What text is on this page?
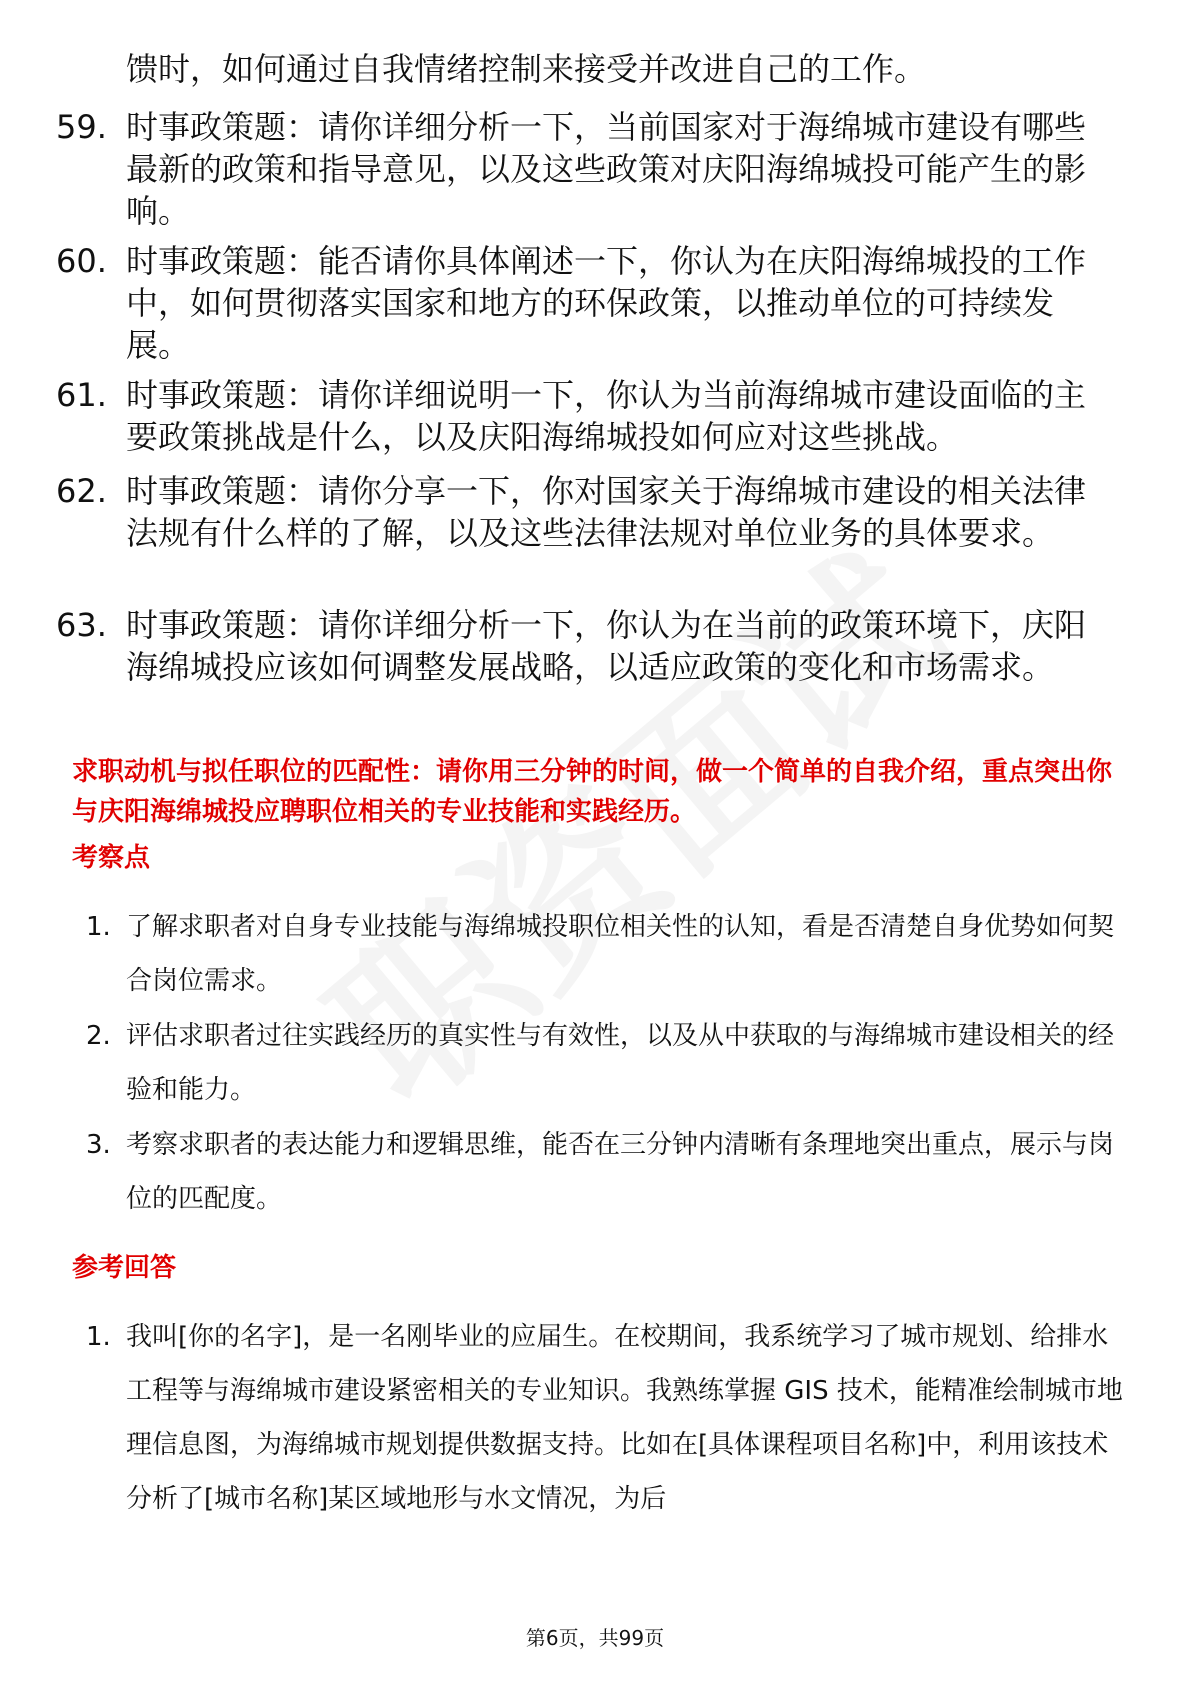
馈时，如何通过自我情绪控制来接受并改进自己的工作。

59. 时事政策题：请你详细分析一下，当前国家对于海绵城市建设有哪些最新的政策和指导意见，以及这些政策对庆阳海绵城投可能产生的影响。
60. 时事政策题：能否请你具体阐述一下，你认为在庆阳海绵城投的工作中，如何贯彻落实国家和地方的环保政策，以推动单位的可持续发展。
61. 时事政策题：请你详细说明一下，你认为当前海绵城市建设面临的主要政策挑战是什么，以及庆阳海绵城投如何应对这些挑战。
62. 时事政策题：请你分享一下，你对国家关于海绵城市建设的相关法律法规有什么样的了解，以及这些法律法规对单位业务的具体要求。
63. 时事政策题：请你详细分析一下，你认为在当前的政策环境下，庆阳海绵城投应该如何调整发展战略，以适应政策的变化和市场需求。

求职动机与拟任职位的匹配性：请你用三分钟的时间，做一个简单的自我介绍，重点突出你与庆阳海绵城投应聘职位相关的专业技能和实践经历。

考察点

1. 了解求职者对自身专业技能与海绵城投职位相关性的认知，看是否清楚自身优势如何契合岗位需求。
2. 评估求职者过往实践经历的真实性与有效性，以及从中获取的与海绵城市建设相关的经验和能力。
3. 考察求职者的表达能力和逻辑思维，能否在三分钟内清晰有条理地突出重点，展示与岗位的匹配度。

参考回答

1. 我叫[你的名字]，是一名刚毕业的应届生。在校期间，我系统学习了城市规划、给排水工程等与海绵城市建设紧密相关的专业知识。我熟练掌握 GIS 技术，能精准绘制城市地理信息图，为海绵城市规划提供数据支持。比如在[具体课程项目名称]中，利用该技术分析了[城市名称]某区域地形与水文情况，为后
第6页，共99页
